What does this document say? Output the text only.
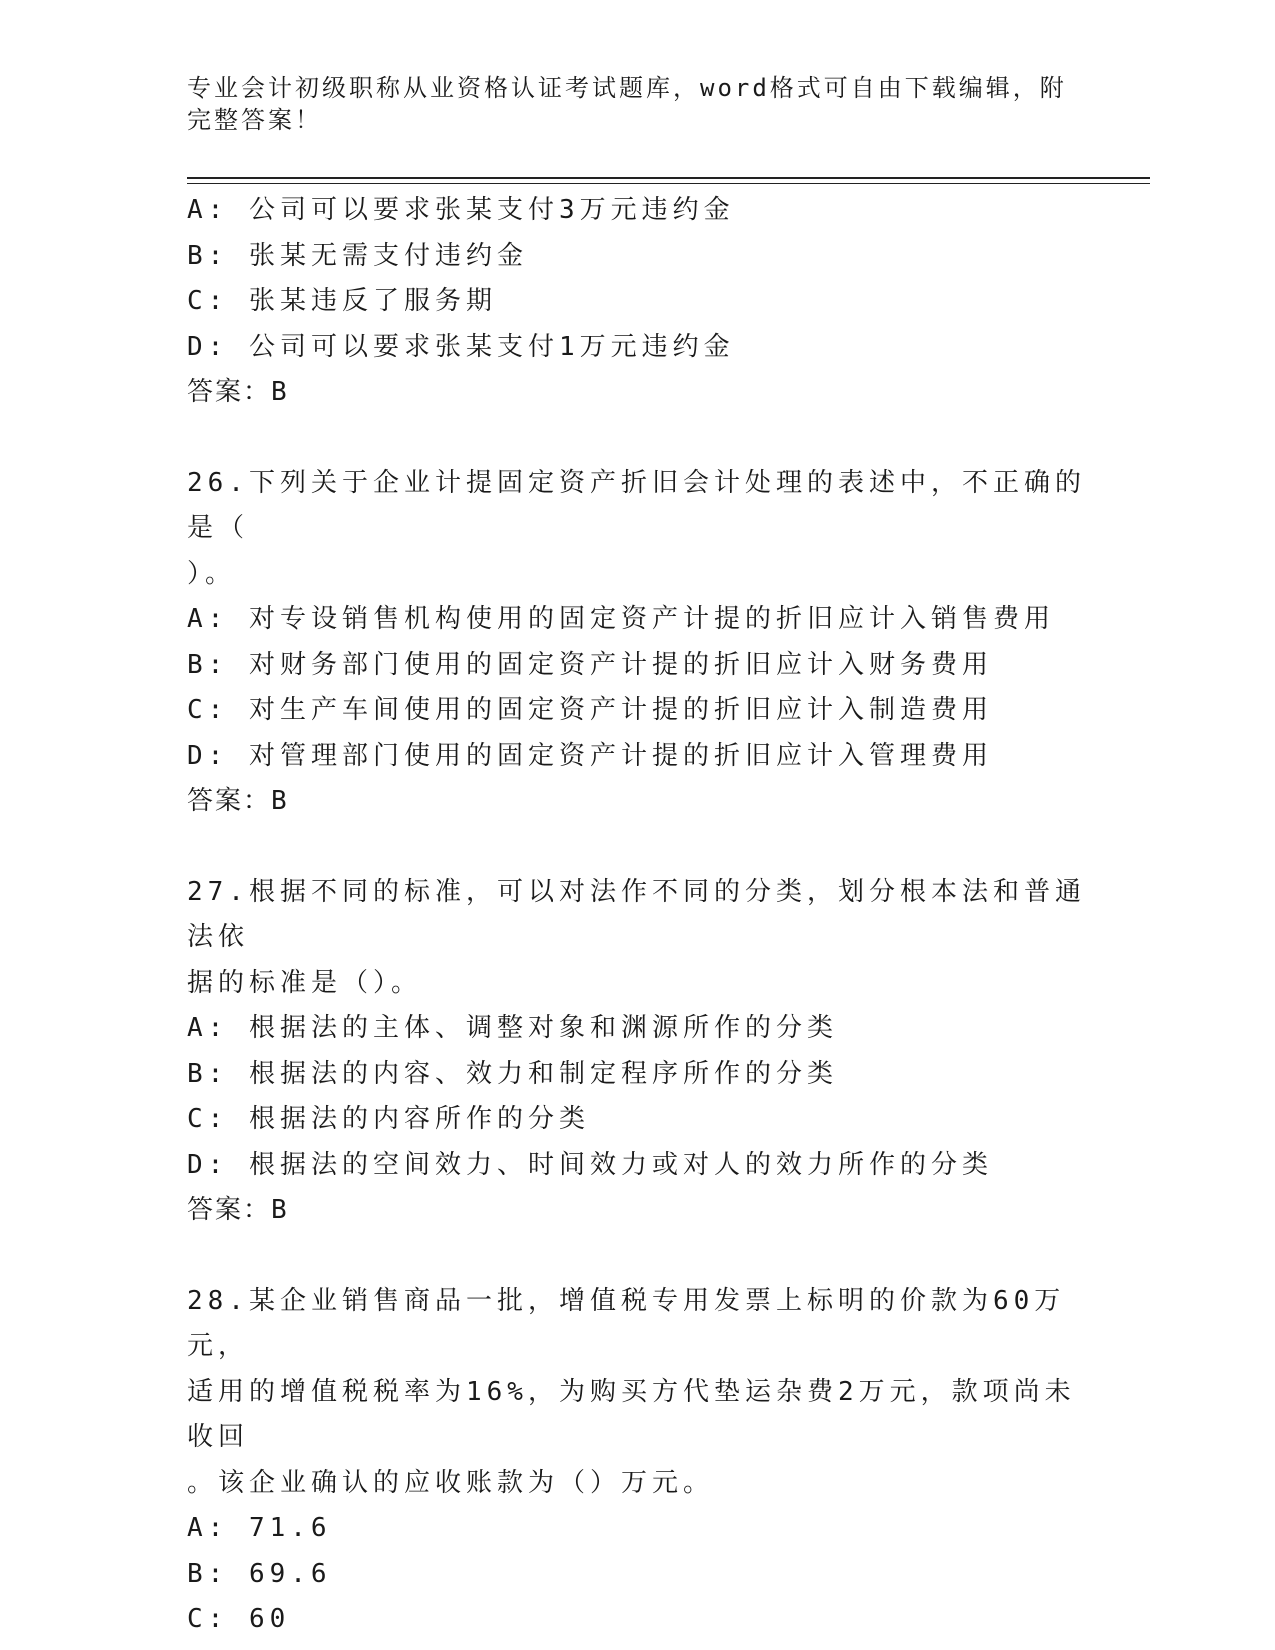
专业会计初级职称从业资格认证考试题库，word格式可自由下载编辑，附完整答案！

A: 公司可以要求张某支付3万元违约金

B: 张某无需支付违约金

C: 张某违反了服务期

D: 公司可以要求张某支付1万元违约金

答案：B

26.下列关于企业计提固定资产折旧会计处理的表述中，不正确的是（
）。

A: 对专设销售机构使用的固定资产计提的折旧应计入销售费用

B: 对财务部门使用的固定资产计提的折旧应计入财务费用

C: 对生产车间使用的固定资产计提的折旧应计入制造费用

D: 对管理部门使用的固定资产计提的折旧应计入管理费用

答案：B

27.根据不同的标准，可以对法作不同的分类，划分根本法和普通法依
据的标准是（）。

A: 根据法的主体、调整对象和渊源所作的分类

B: 根据法的内容、效力和制定程序所作的分类

C: 根据法的内容所作的分类

D: 根据法的空间效力、时间效力或对人的效力所作的分类

答案：B

28.某企业销售商品一批，增值税专用发票上标明的价款为60万元，
适用的增值税税率为16%，为购买方代垫运杂费2万元，款项尚未收回
。该企业确认的应收账款为（）万元。

A: 71.6

B: 69.6

C: 60
